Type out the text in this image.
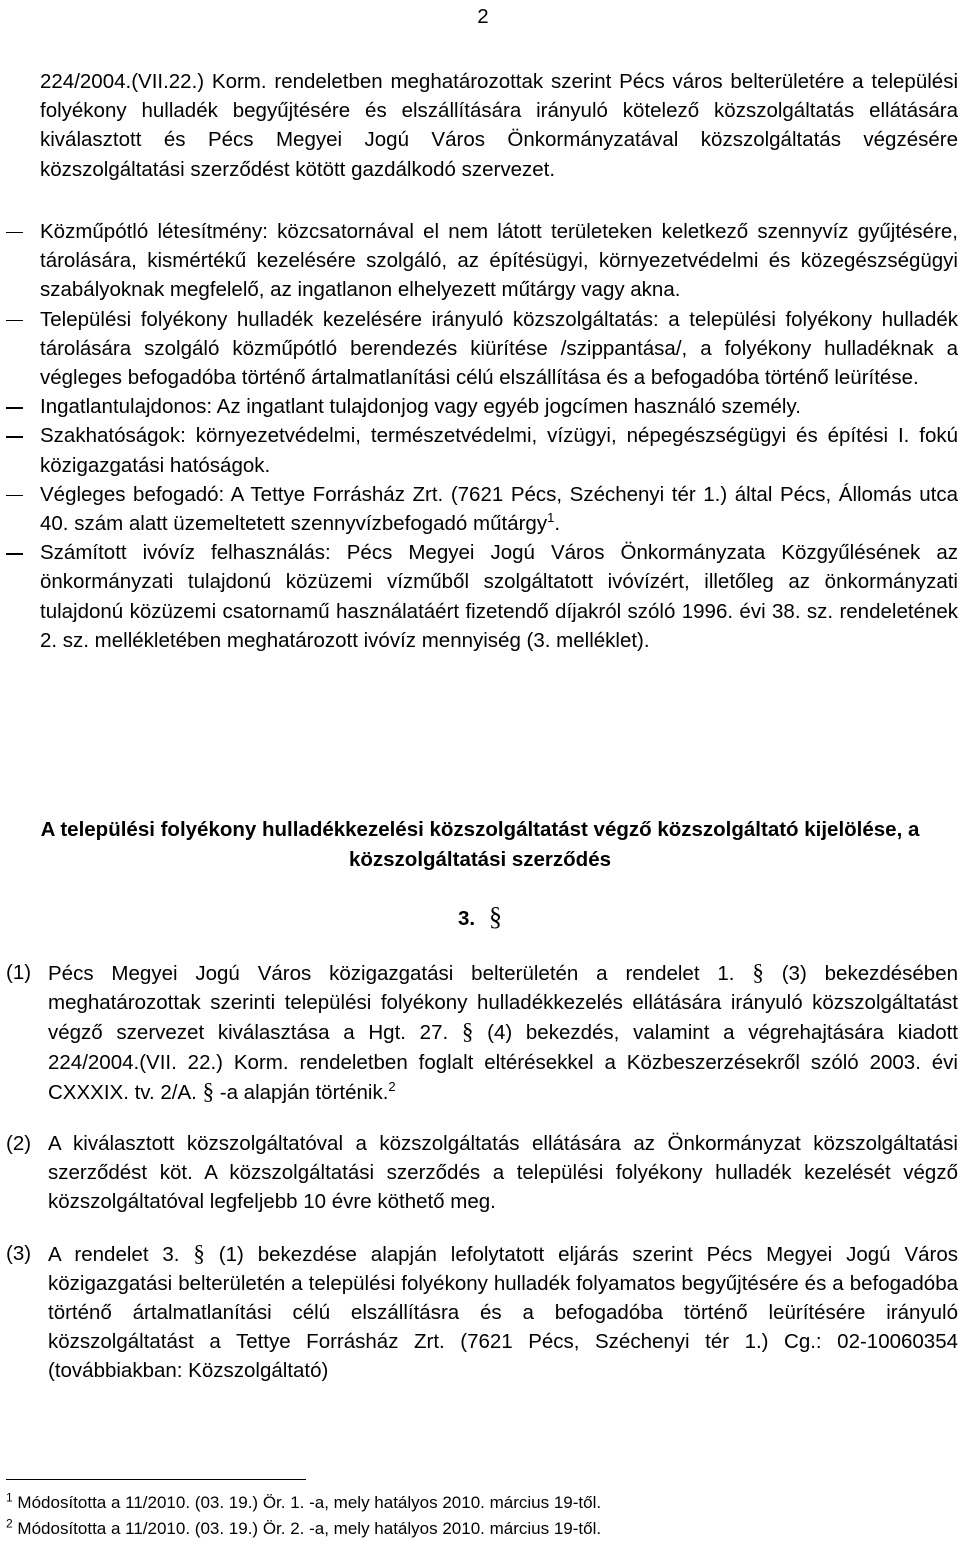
2

224/2004.(VII.22.) Korm. rendeletben meghatározottak szerint Pécs város belterületére a települési folyékony hulladék begyűjtésére és elszállítására irányuló kötelező közszolgáltatás ellátására kiválasztott és Pécs Megyei Jogú Város Önkormányzatával közszolgáltatás végzésére közszolgáltatási szerződést kötött gazdálkodó szervezet.

Közműpótló létesítmény: közcsatornával el nem látott területeken keletkező szennyvíz gyűjtésére, tárolására, kismértékű kezelésére szolgáló, az építésügyi, környezetvédelmi és közegészségügyi szabályoknak megfelelő, az ingatlanon elhelyezett műtárgy vagy akna.
Települési folyékony hulladék kezelésére irányuló közszolgáltatás: a települési folyékony hulladék tárolására szolgáló közműpótló berendezés kiürítése /szippantása/, a folyékony hulladéknak a végleges befogadóba történő ártalmatlanítási célú elszállítása és a befogadóba történő leürítése.
Ingatlantulajdonos: Az ingatlant tulajdonjog vagy egyéb jogcímen használó személy.
Szakhatóságok: környezetvédelmi, természetvédelmi, vízügyi, népegészségügyi és építési I. fokú közigazgatási hatóságok.
Végleges befogadó: A Tettye Forrásház Zrt. (7621 Pécs, Széchenyi tér 1.) által Pécs, Állomás utca 40. szám alatt üzemeltetett szennyvízbefogadó műtárgy$^1$.
Számított ivóvíz felhasználás: Pécs Megyei Jogú Város Önkormányzata Közgyűlésének az önkormányzati tulajdonú közüzemi vízműből szolgáltatott ivóvízért, illetőleg az önkormányzati tulajdonú közüzemi csatornamű használatáért fizetendő díjakról szóló 1996. évi 38. sz. rendeletének 2. sz. mellékletében meghatározott ivóvíz mennyiség (3. melléklet).
A települési folyékony hulladékkezelési közszolgáltatást végző közszolgáltató kijelölése, a közszolgáltatási szerződés
3. §
(1) Pécs Megyei Jogú Város közigazgatási belterületén a rendelet 1. § (3) bekezdésében meghatározottak szerinti települési folyékony hulladékkezelés ellátására irányuló közszolgáltatást végző szervezet kiválasztása a Hgt. 27. § (4) bekezdés, valamint a végrehajtására kiadott 224/2004.(VII. 22.) Korm. rendeletben foglalt eltérésekkel a Közbeszerzésekről szóló 2003. évi CXXXIX. tv. 2/A. § -a alapján történik.$^2$
(2) A kiválasztott közszolgáltatóval a közszolgáltatás ellátására az Önkormányzat közszolgáltatási szerződést köt. A közszolgáltatási szerződés a települési folyékony hulladék kezelését végző közszolgáltatóval legfeljebb 10 évre köthető meg.
(3) A rendelet 3. § (1) bekezdése alapján lefolytatott eljárás szerint Pécs Megyei Jogú Város közigazgatási belterületén a települési folyékony hulladék folyamatos begyűjtésére és a befogadóba történő ártalmatlanítási célú elszállításra és a befogadóba történő leürítésére irányuló közszolgáltatást a Tettye Forrásház Zrt. (7621 Pécs, Széchenyi tér 1.) Cg.: 02-10060354 (továbbiakban: Közszolgáltató)
$^1$ Módosította a 11/2010. (03. 19.) Ör. 1. -a, mely hatályos 2010. március 19-től.
$^2$ Módosította a 11/2010. (03. 19.) Ör. 2. -a, mely hatályos 2010. március 19-től.
